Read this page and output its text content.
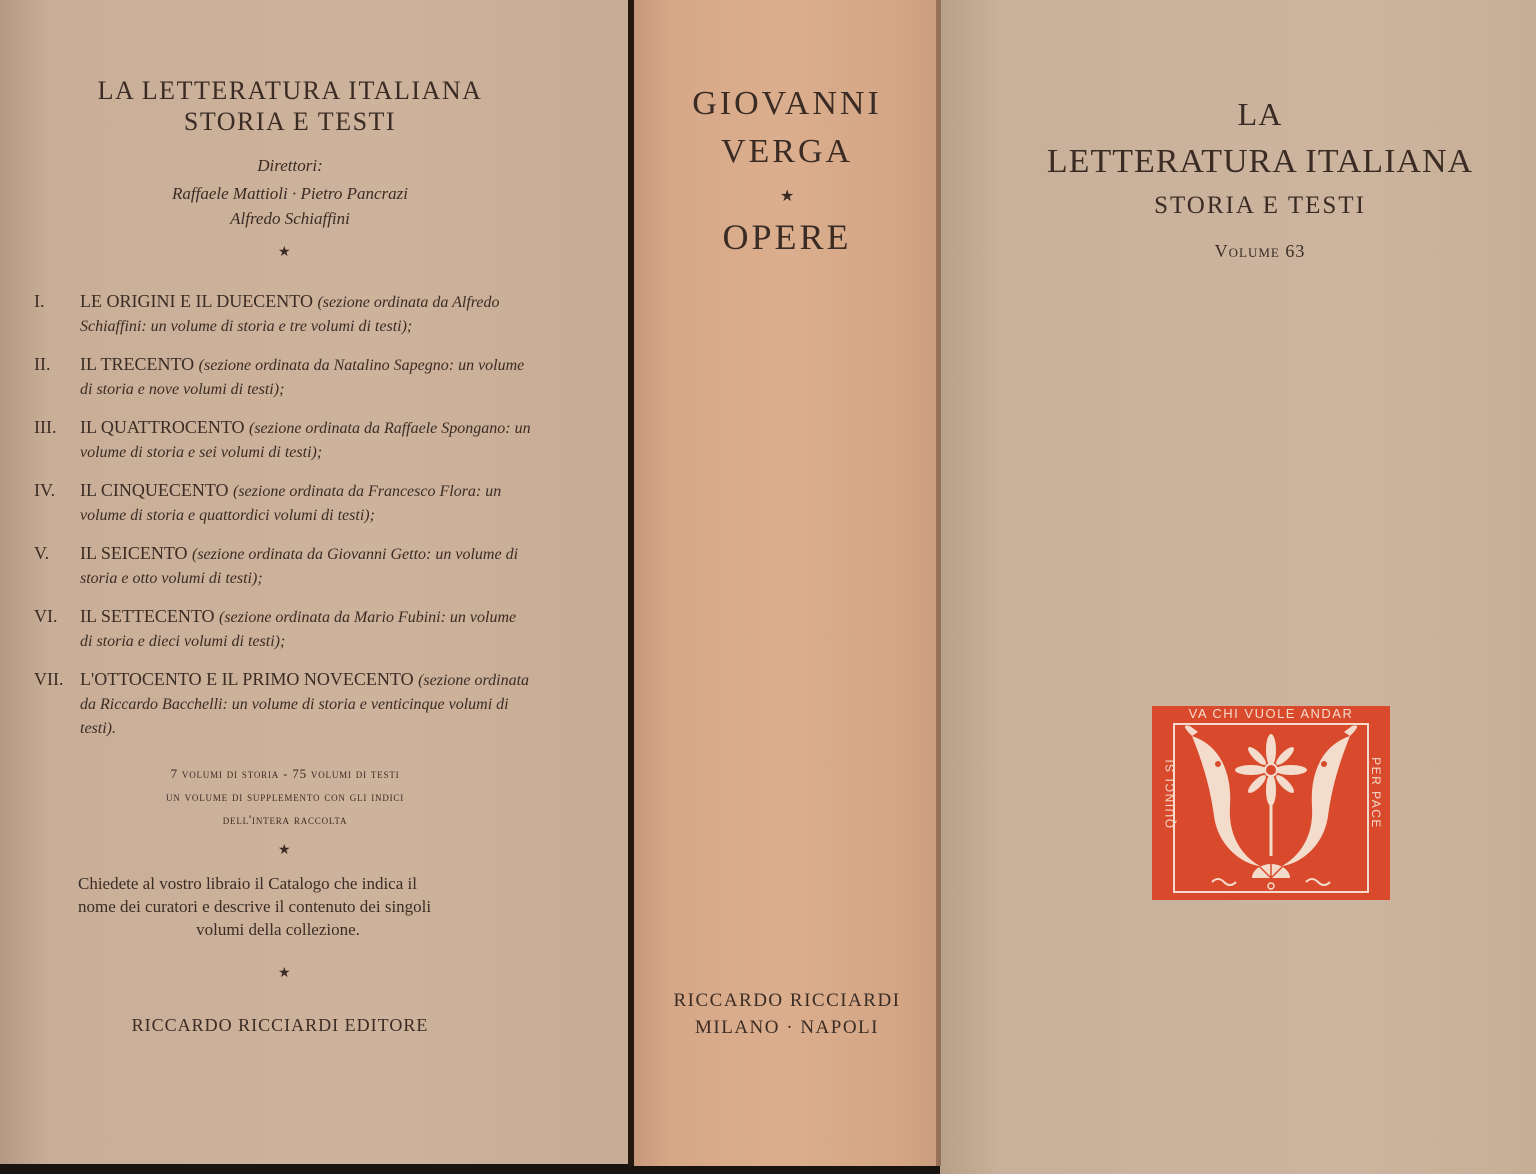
LA LETTERATURA ITALIANA
STORIA E TESTI
Direttori:
Raffaele Mattioli · Pietro Pancrazi
Alfredo Schiaffini
★
I.	LE ORIGINI E IL DUECENTO (sezione ordinata da Alfredo Schiaffini: un volume di storia e tre volumi di testi);
II.	IL TRECENTO (sezione ordinata da Natalino Sapegno: un volume di storia e nove volumi di testi);
III.	IL QUATTROCENTO (sezione ordinata da Raffaele Spongano: un volume di storia e sei volumi di testi);
IV.	IL CINQUECENTO (sezione ordinata da Francesco Flora: un volume di storia e quattordici volumi di testi);
V.	IL SEICENTO (sezione ordinata da Giovanni Getto: un volume di storia e otto volumi di testi);
VI.	IL SETTECENTO (sezione ordinata da Mario Fubini: un volume di storia e dieci volumi di testi);
VII. L'OTTOCENTO E IL PRIMO NOVECENTO (sezione ordinata da Riccardo Bacchelli: un volume di storia e venticinque volumi di testi).
7 volumi di storia - 75 volumi di testi
un volume di supplemento con gli indici
dell'intera raccolta
★
Chiedete al vostro libraio il Catalogo che indica il
nome dei curatori e descrive il contenuto dei singoli
volumi della collezione.
★
RICCARDO RICCIARDI EDITORE
GIOVANNI
VERGA
★
OPERE
RICCARDO RICCIARDI
MILANO · NAPOLI
LA
LETTERATURA ITALIANA
STORIA E TESTI
Volume 63
VA CHI VUOLE ANDAR
QUINCI SI	PER PACE
